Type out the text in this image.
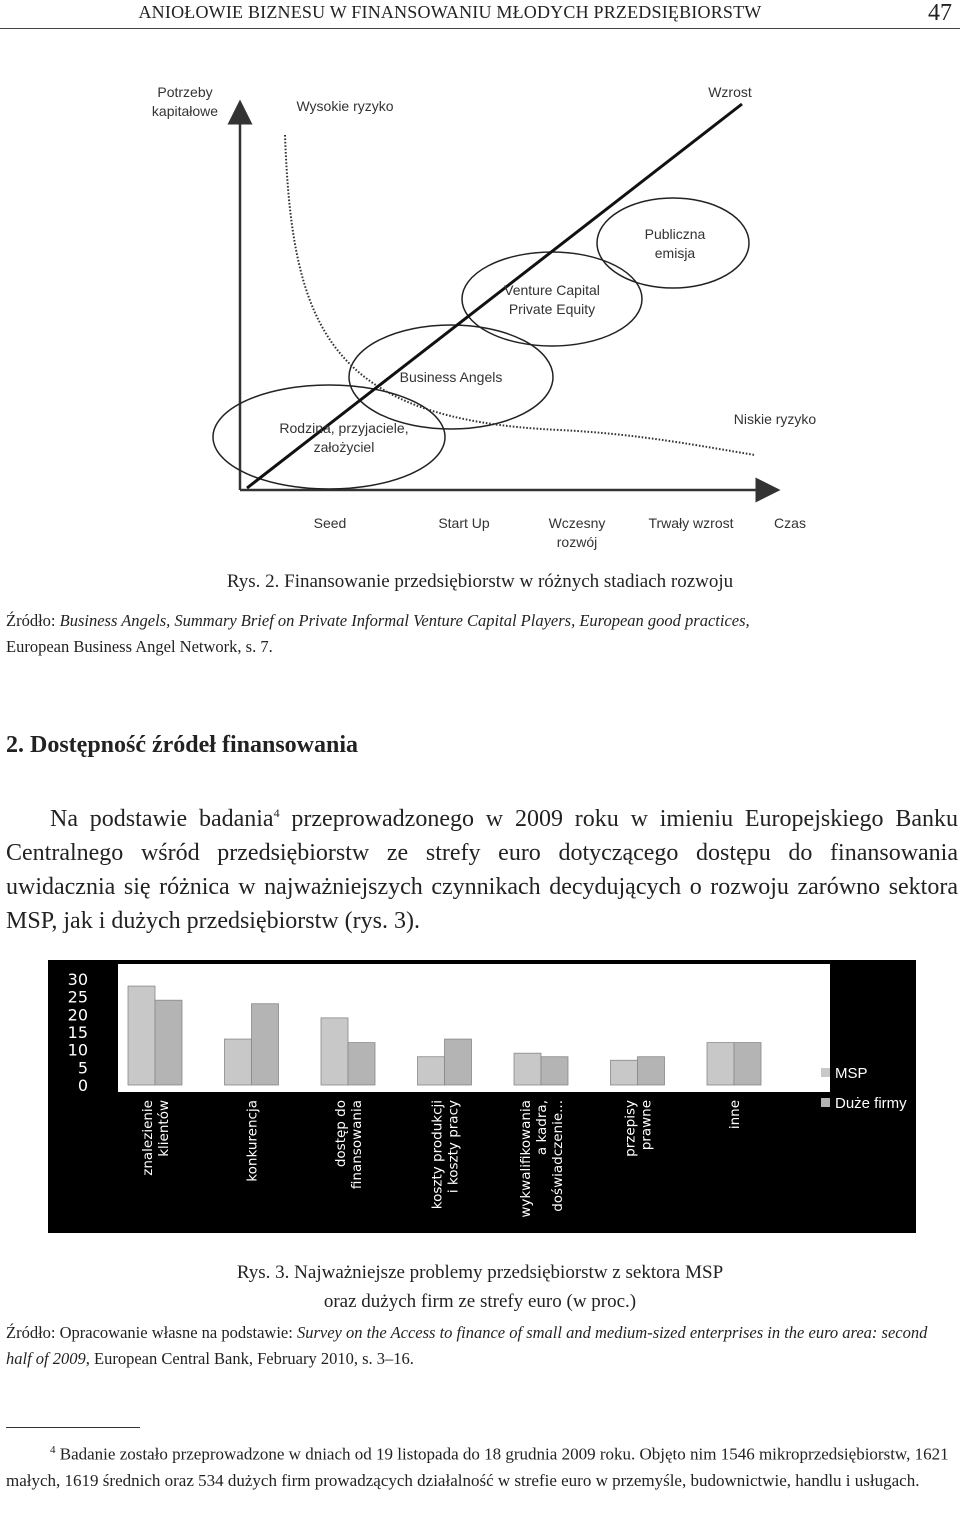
ANIOŁOWIE BIZNESU W FINANSOWANIU MŁODYCH PRZEDSIĘBIORSTW	47
Potrzeby
kapitałowe	Wysokie ryzyko
Wzrost
Publiczna
emisja
Venture Capital
Private Equity
Business Angels
Niskie ryzyko
Rodzina, przyjaciele,
założyciel
Seed	Start Up	Wczesny
rozwój
Trwały wzrost	Czas
Rys. 2. Finansowanie przedsiębiorstw w różnych stadiach rozwoju
Źródło: Business Angels, Summary Brief on Private Informal Venture Capital Players, European good practices,
European Business Angel Network, s. 7.
2. Dostępność źródeł finansowania
Na podstawie badania$^4$ przeprowadzonego w 2009 roku w imieniu Europejskiego Banku Centralnego wśród przedsiębiorstw ze strefy euro dotyczącego dostępu do finansowania uwidacznia się różnica w najważniejszych czynnikach decydujących o rozwoju zarówno sektora MSP, jak i dużych przedsiębiorstw (rys. 3).
30
25
20
15
10
5
0
28
24
13
23
19
12
8
13
9 8	7 8
12 12
znalezienie klientów	konkurencja	dostęp do finansowania	koszty produkcji i koszty pracy	wykwalifikowania a kadra, doświadczenie...	przepisy prawne	inne
MSP
Duże firmy
Rys. 3. Najważniejsze problemy przedsiębiorstw z sektora MSP
oraz dużych firm ze strefy euro (w proc.)
Źródło: Opracowanie własne na podstawie: Survey on the Access to finance of small and medium-sized enterprises in the euro area: second half of 2009, European Central Bank, February 2010, s. 3–16.
$^4$ Badanie zostało przeprowadzone w dniach od 19 listopada do 18 grudnia 2009 roku. Objęto nim 1546 mikroprzedsiębiorstw, 1621 małych, 1619 średnich oraz 534 dużych firm prowadzących działalność w strefie euro w przemyśle, budownictwie, handlu i usługach.
